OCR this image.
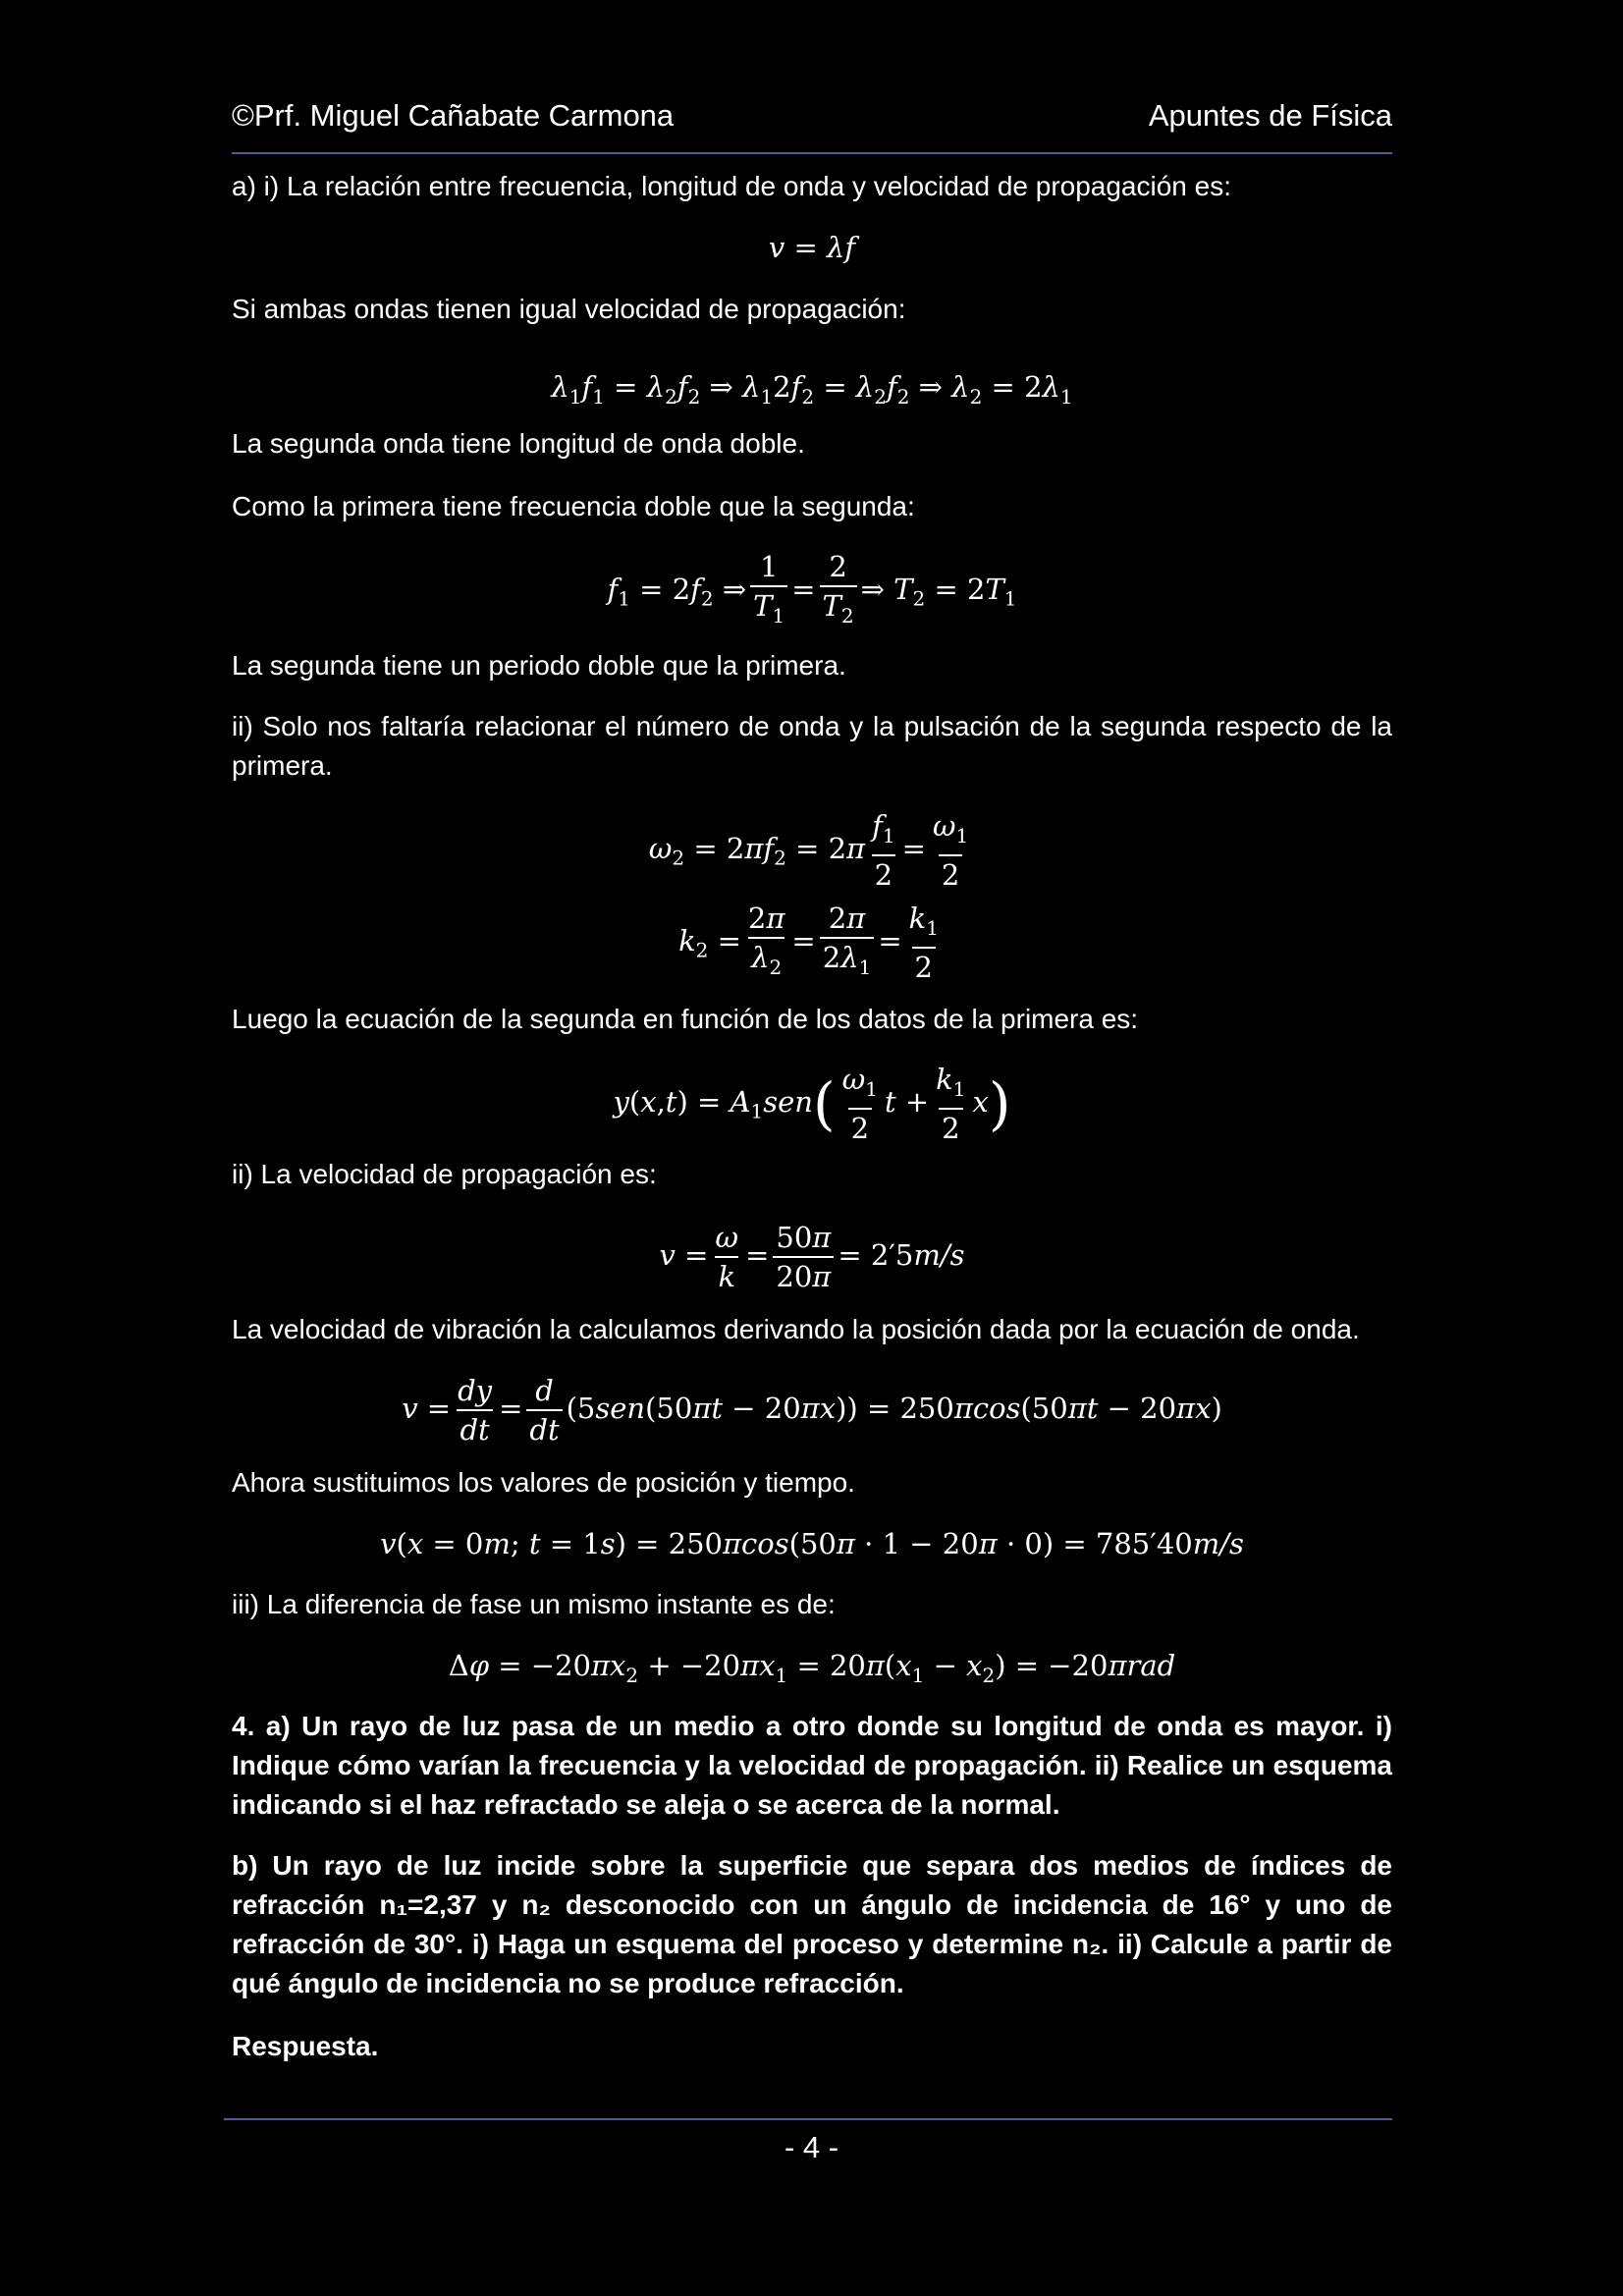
©Prf. Miguel Cañabate Carmona	Apuntes de Física
a) i) La relación entre frecuencia, longitud de onda y velocidad de propagación es:
v = λf
Si ambas ondas tienen igual velocidad de propagación:
$\lambda_1f_1 = \lambda_2f_2$ ⇒ $\lambda_12f_2 = \lambda_2f_2$ ⇒ $\lambda_2 = 2\lambda_1$
La segunda onda tiene longitud de onda doble.
Como la primera tiene frecuencia doble que la segunda:
$f_1 = 2f_2$ ⇒ $\frac{1}{T_1} = \frac{2}{T_2}$ ⇒ $T_2 = 2T_1$
La segunda tiene un periodo doble que la primera.
ii) Solo nos faltaría relacionar el número de onda y la pulsación de la segunda respecto de la primera.
$\omega_2 = 2\pi f_2 = 2\pi \frac{f_1}{2} = \frac{\omega_1}{2}$
$k_2 = \frac{2\pi}{\lambda_2} = \frac{2\pi}{2\lambda_1} = \frac{k_1}{2}$
Luego la ecuación de la segunda en función de los datos de la primera es:
$y(x,t) = A_1sen( \frac{\omega_1}{2}$ $t + \frac{k_1}{2} x$)
ii) La velocidad de propagación es:
$v = \frac{\omega}{k} = \frac{50\pi}{20\pi} = 2'5m/s$
La velocidad de vibración la calculamos derivando la posición dada por la ecuación de onda.
$v = \frac{dy}{dt} = \frac{d}{dt} (5sen(50\pi t - 20\pi x)) = 250\pi\cos(50\pi t - 20\pi x)$
Ahora sustituimos los valores de posición y tiempo.
v(x = 0m; t = 1s) = 250πcos(50π · 1 − 20π · 0) = 785′40m/s
iii) La diferencia de fase un mismo instante es de:
$\Delta\varphi = -20\pi x_2 + -20\pi x_1 = 20\pi(x_1 - x_2) = -20\pi rad$
4. a) Un rayo de luz pasa de un medio a otro donde su longitud de onda es mayor. i) Indique cómo varían la frecuencia y la velocidad de propagación. ii) Realice un esquema indicando si el haz refractado se aleja o se acerca de la normal.
b) Un rayo de luz incide sobre la superficie que separa dos medios de índices de refracción n₁=2,37 y n₂ desconocido con un ángulo de incidencia de 16° y uno de refracción de 30°. i) Haga un esquema del proceso y determine n₂. ii) Calcule a partir de qué ángulo de incidencia no se produce refracción.
Respuesta.
- 4 -
